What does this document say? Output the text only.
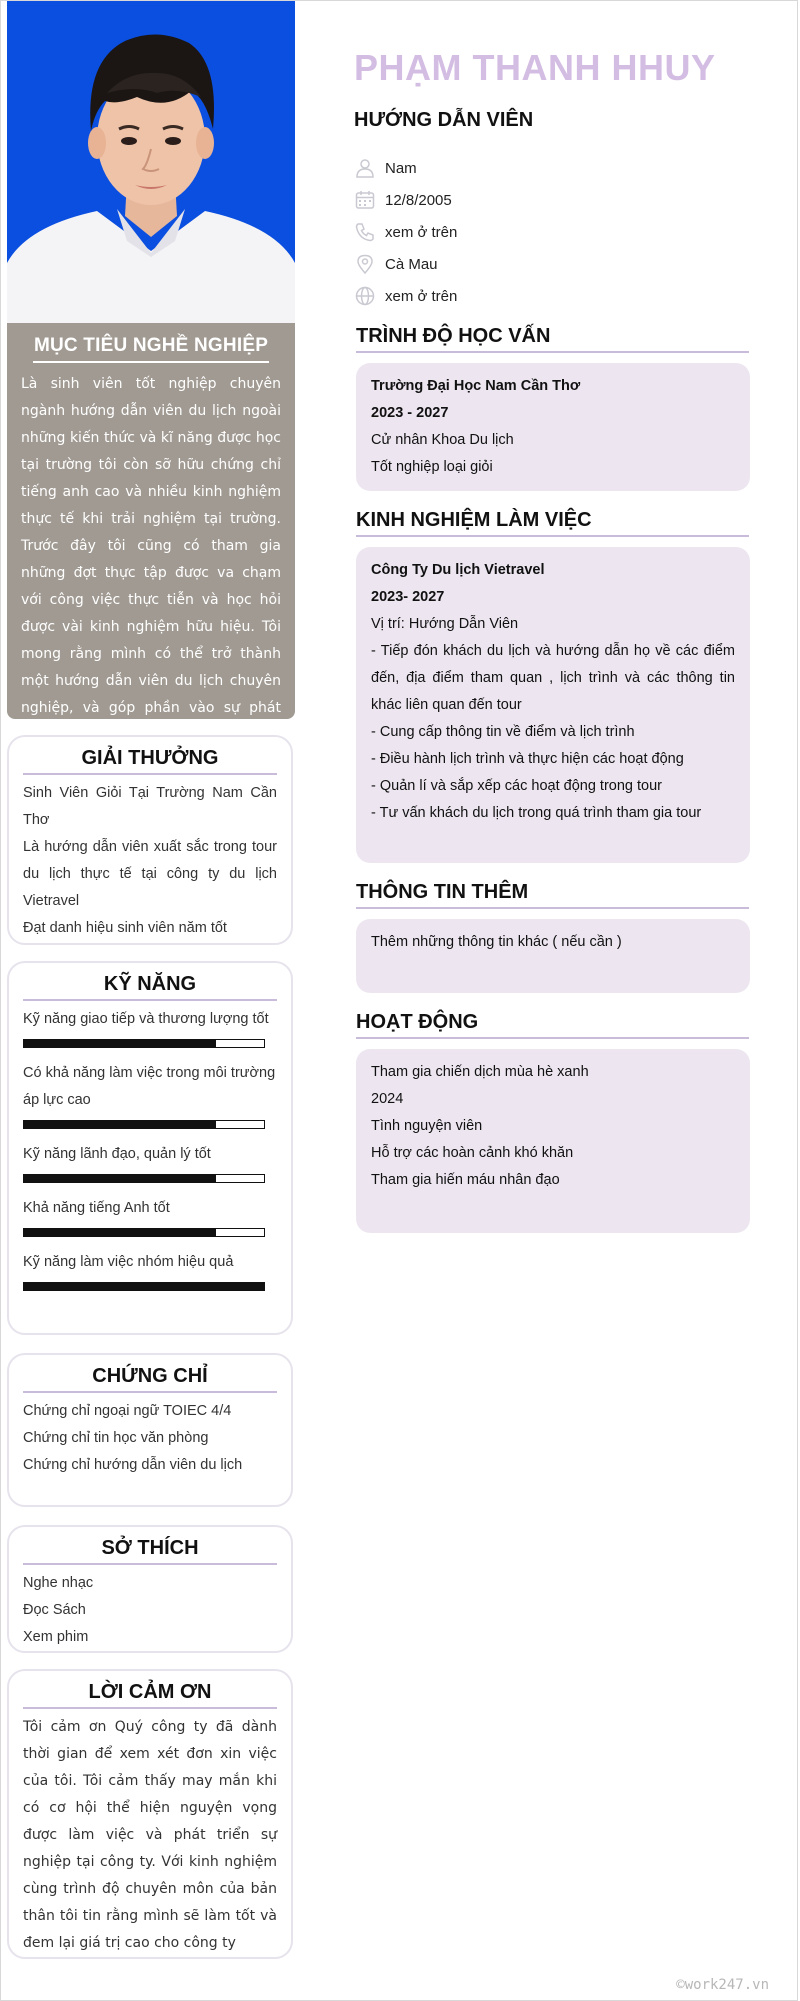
MỤC TIÊU NGHỀ NGHIỆP

Là sinh viên tốt nghiệp chuyên ngành hướng dẫn viên du lịch ngoài những kiến thức và kĩ năng được học tại trường tôi còn sỡ hữu chứng chỉ tiếng anh cao và nhiều kinh nghiệm thực tế khi trải nghiệm tại trường. Trước đây tôi cũng có tham gia những đợt thực tập được va chạm với công việc thực tiễn và học hỏi được vài kinh nghiệm hữu hiệu. Tôi mong rằng mình có thể trở thành một hướng dẫn viên du lịch chuyên nghiệp, và góp phần vào sự phát

GIẢI THƯỞNG
Sinh Viên Giỏi Tại Trường Nam Cần Thơ
Là hướng dẫn viên xuất sắc trong tour du lịch thực tế tại công ty du lịch Vietravel
Đạt danh hiệu sinh viên năm tốt
KỸ NĂNG
Kỹ năng giao tiếp và thương lượng tốt
Có khả năng làm việc trong môi trường áp lực cao
Kỹ năng lãnh đạo, quản lý tốt
Khả năng tiếng Anh tốt
Kỹ năng làm việc nhóm hiệu quả
CHỨNG CHỈ
Chứng chỉ ngoại ngữ TOIEC 4/4
Chứng chỉ tin học văn phòng
Chứng chỉ hướng dẫn viên du lịch
SỞ THÍCH
Nghe nhạc
Đọc Sách
Xem phim
LỜI CẢM ƠN
Tôi cảm ơn Quý công ty đã dành thời gian để xem xét đơn xin việc của tôi. Tôi cảm thấy may mắn khi có cơ hội thể hiện nguyện vọng được làm việc và phát triển sự nghiệp tại công ty. Với kinh nghiệm cùng trình độ chuyên môn của bản thân tôi tin rằng mình sẽ làm tốt và đem lại giá trị cao cho công ty
PHẠM THANH HHUY
HƯỚNG DẪN VIÊN
Nam
12/8/2005
xem ở trên
Cà Mau
xem ở trên
TRÌNH ĐỘ HỌC VẤN
Trường Đại Học Nam Cần Thơ
2023 - 2027
Cử nhân Khoa Du lịch
Tốt nghiệp loại giỏi
KINH NGHIỆM LÀM VIỆC
Công Ty Du lịch Vietravel
2023- 2027
Vị trí: Hướng Dẫn Viên
- Tiếp đón khách du lịch và hướng dẫn họ về các điểm đến, địa điểm tham quan , lịch trình và các thông tin khác liên quan đến tour
- Cung cấp thông tin về điểm và lịch trình
- Điều hành lịch trình và thực hiện các hoạt động
- Quản lí và sắp xếp các hoạt động trong tour
- Tư vấn khách du lịch trong quá trình tham gia tour
THÔNG TIN THÊM
Thêm những thông tin khác ( nếu cần )
HOẠT ĐỘNG
Tham gia chiến dịch mùa hè xanh
2024
Tình nguyện viên
Hỗ trợ các hoàn cảnh khó khăn
Tham gia hiến máu nhân đạo
©work247.vn
